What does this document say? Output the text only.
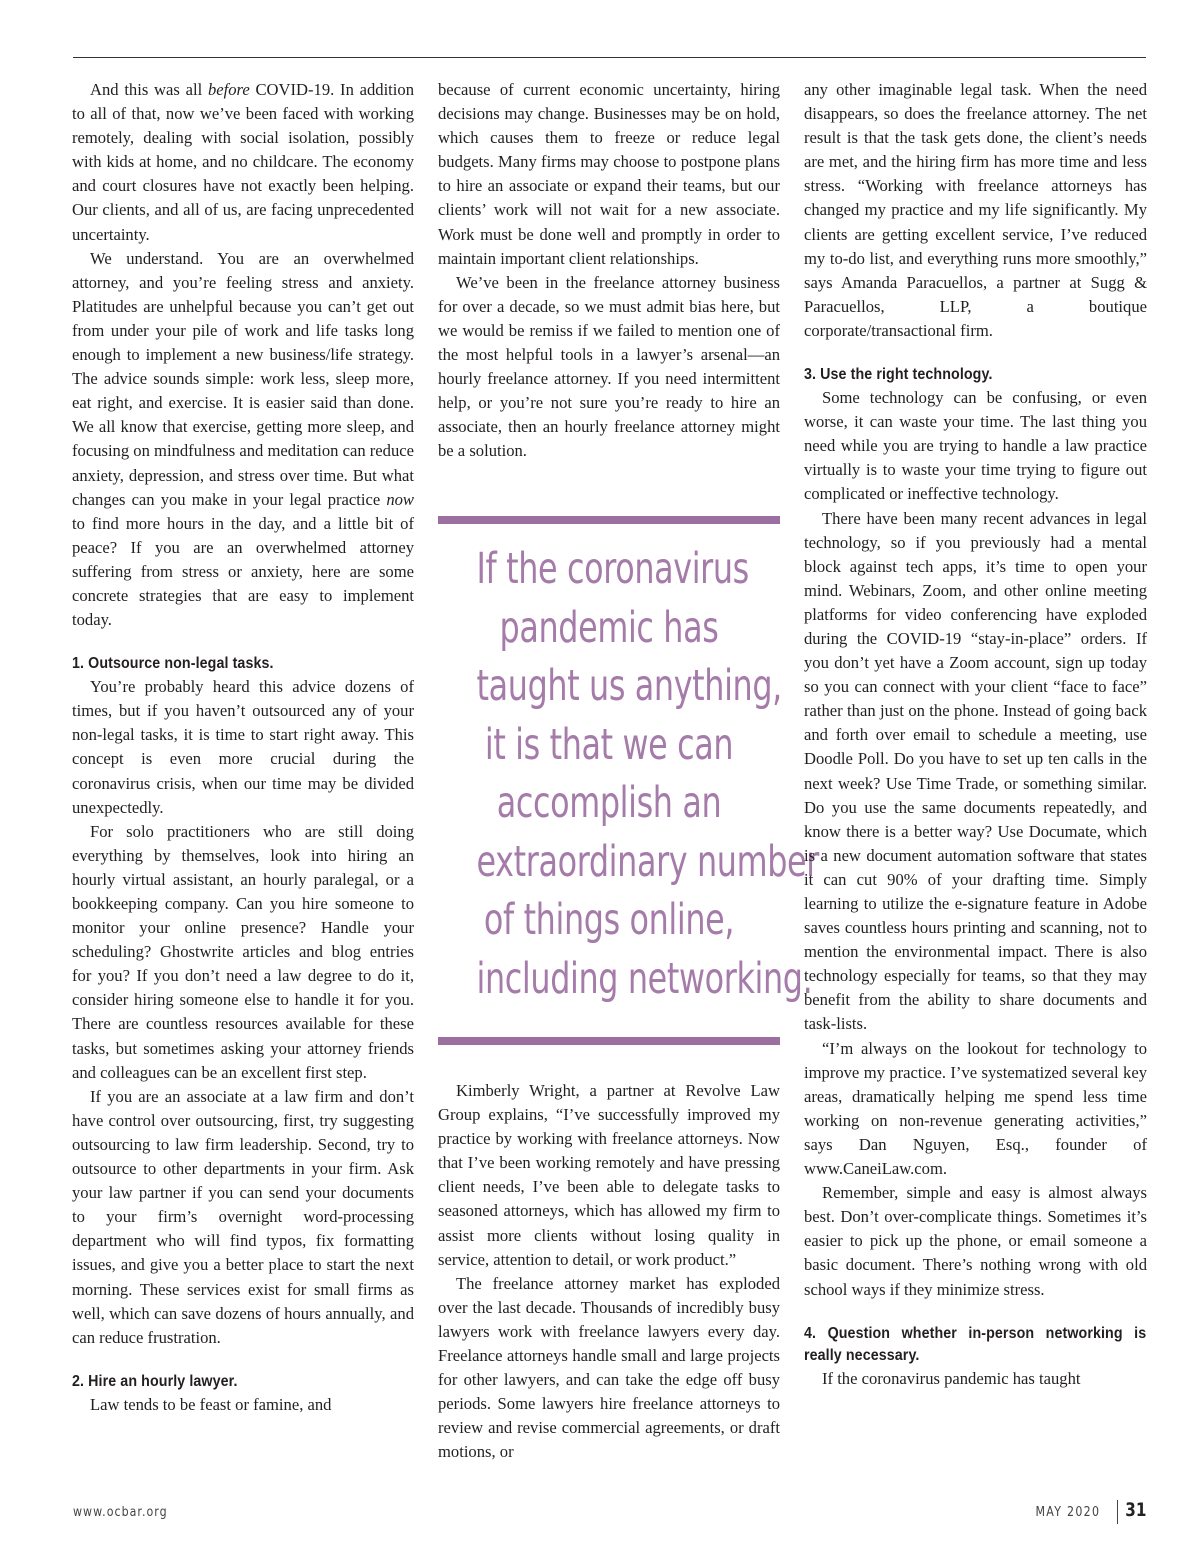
And this was all before COVID-19. In addition to all of that, now we’ve been faced with working remotely, dealing with social isolation, possibly with kids at home, and no childcare. The economy and court closures have not exactly been helping. Our clients, and all of us, are facing unprecedented uncertainty.

We understand. You are an overwhelmed attorney, and you’re feeling stress and anxiety. Platitudes are unhelpful because you can’t get out from under your pile of work and life tasks long enough to implement a new business/life strategy. The advice sounds simple: work less, sleep more, eat right, and exercise. It is easier said than done. We all know that exercise, getting more sleep, and focusing on mindfulness and meditation can reduce anxiety, depression, and stress over time. But what changes can you make in your legal practice now to find more hours in the day, and a little bit of peace? If you are an overwhelmed attorney suffering from stress or anxiety, here are some concrete strategies that are easy to implement today.

1. Outsource non-legal tasks.

You’re probably heard this advice dozens of times, but if you haven’t outsourced any of your non-legal tasks, it is time to start right away. This concept is even more crucial during the coronavirus crisis, when our time may be divided unexpectedly.

For solo practitioners who are still doing everything by themselves, look into hiring an hourly virtual assistant, an hourly paralegal, or a bookkeeping company. Can you hire someone to monitor your online presence? Handle your scheduling? Ghostwrite articles and blog entries for you? If you don’t need a law degree to do it, consider hiring someone else to handle it for you. There are countless resources available for these tasks, but sometimes asking your attorney friends and colleagues can be an excellent first step.

If you are an associate at a law firm and don’t have control over outsourcing, first, try suggesting outsourcing to law firm leadership. Second, try to outsource to other departments in your firm. Ask your law partner if you can send your documents to your firm’s overnight word-processing department who will find typos, fix formatting issues, and give you a better place to start the next morning. These services exist for small firms as well, which can save dozens of hours annually, and can reduce frustration.

2. Hire an hourly lawyer.

Law tends to be feast or famine, and

because of current economic uncertainty, hiring decisions may change. Businesses may be on hold, which causes them to freeze or reduce legal budgets. Many firms may choose to postpone plans to hire an associate or expand their teams, but our clients’ work will not wait for a new associate. Work must be done well and promptly in order to maintain important client relationships.

We’ve been in the freelance attorney business for over a decade, so we must admit bias here, but we would be remiss if we failed to mention one of the most helpful tools in a lawyer’s arsenal—an hourly freelance attorney. If you need intermittent help, or you’re not sure you’re ready to hire an associate, then an hourly freelance attorney might be a solution.

If the coronavirus
pandemic has
taught us anything,
it is that we can
accomplish an
extraordinary number
of things online,
including networking.

Kimberly Wright, a partner at Revolve Law Group explains, “I’ve successfully improved my practice by working with freelance attorneys. Now that I’ve been working remotely and have pressing client needs, I’ve been able to delegate tasks to seasoned attorneys, which has allowed my firm to assist more clients without losing quality in service, attention to detail, or work product.”

The freelance attorney market has exploded over the last decade. Thousands of incredibly busy lawyers work with freelance lawyers every day. Freelance attorneys handle small and large projects for other lawyers, and can take the edge off busy periods. Some lawyers hire freelance attorneys to review and revise commercial agreements, or draft motions, or

any other imaginable legal task. When the need disappears, so does the freelance attorney. The net result is that the task gets done, the client’s needs are met, and the hiring firm has more time and less stress. “Working with freelance attorneys has changed my practice and my life significantly. My clients are getting excellent service, I’ve reduced my to-do list, and everything runs more smoothly,” says Amanda Paracuellos, a partner at Sugg & Paracuellos, LLP, a boutique corporate/transactional firm.

3. Use the right technology.

Some technology can be confusing, or even worse, it can waste your time. The last thing you need while you are trying to handle a law practice virtually is to waste your time trying to figure out complicated or ineffective technology.

There have been many recent advances in legal technology, so if you previously had a mental block against tech apps, it’s time to open your mind. Webinars, Zoom, and other online meeting platforms for video conferencing have exploded during the COVID-19 “stay-in-place” orders. If you don’t yet have a Zoom account, sign up today so you can connect with your client “face to face” rather than just on the phone. Instead of going back and forth over email to schedule a meeting, use Doodle Poll. Do you have to set up ten calls in the next week? Use Time Trade, or something similar. Do you use the same documents repeatedly, and know there is a better way? Use Documate, which is a new document automation software that states it can cut 90% of your drafting time. Simply learning to utilize the e-signature feature in Adobe saves countless hours printing and scanning, not to mention the environmental impact. There is also technology especially for teams, so that they may benefit from the ability to share documents and task-lists.

“I’m always on the lookout for technology to improve my practice. I’ve systematized several key areas, dramatically helping me spend less time working on non-revenue generating activities,” says Dan Nguyen, Esq., founder of www.CaneiLaw.com.

Remember, simple and easy is almost always best. Don’t over-complicate things. Sometimes it’s easier to pick up the phone, or email someone a basic document. There’s nothing wrong with old school ways if they minimize stress.

4. Question whether in-person networking is really necessary.

If the coronavirus pandemic has taught

www.ocbar.org	MAY 2020 31
